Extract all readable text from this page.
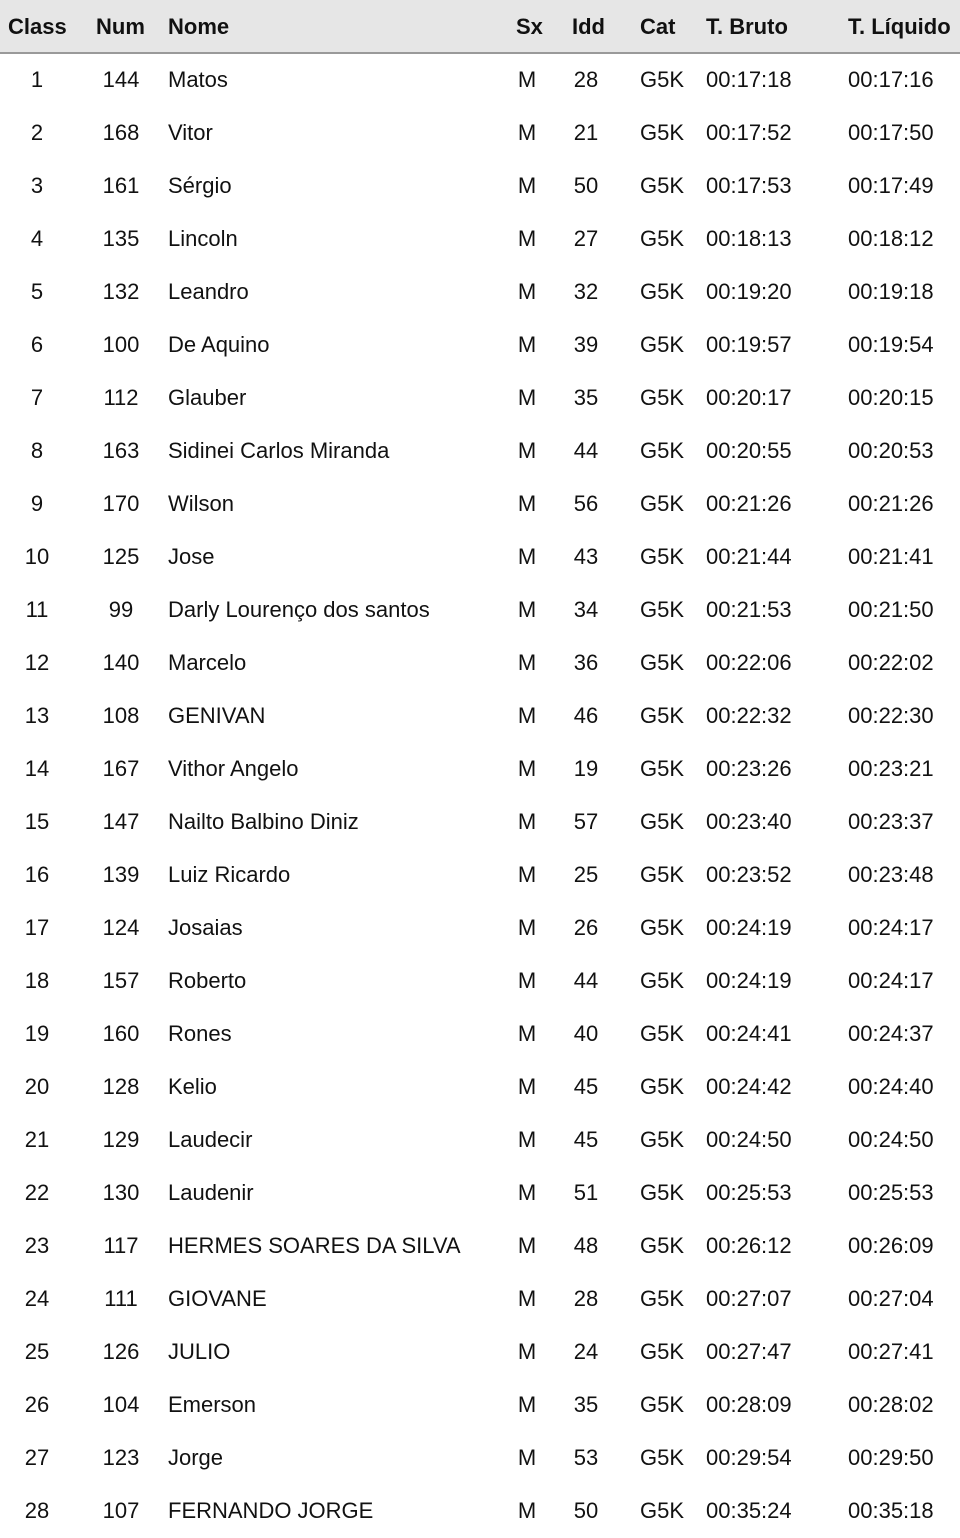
Class Num Nome	Sx Idd Cat T. Bruto	T. Líquido
1	144	Matos	M 28 G5K 00:17:18	00:17:16
2	168	Vitor	M 21 G5K 00:17:52	00:17:50
3	161	Sérgio	M 50 G5K 00:17:53	00:17:49
4	135	Lincoln	M 27 G5K 00:18:13	00:18:12
5	132	Leandro	M 32 G5K 00:19:20	00:19:18
6	100	De Aquino	M 39 G5K 00:19:57	00:19:54
7	112	Glauber	M 35 G5K 00:20:17	00:20:15
8	163	Sidinei Carlos Miranda	M 44 G5K 00:20:55	00:20:53
9	170	Wilson	M 56 G5K 00:21:26	00:21:26
10	125	Jose	M 43 G5K 00:21:44	00:21:41
11	99	Darly Lourenço dos santos	M 34 G5K 00:21:53	00:21:50
12	140	Marcelo	M 36 G5K 00:22:06	00:22:02
13	108	GENIVAN	M 46 G5K 00:22:32	00:22:30
14	167	Vithor Angelo	M 19 G5K 00:23:26	00:23:21
15	147	Nailto Balbino Diniz	M 57 G5K 00:23:40	00:23:37
16	139	Luiz Ricardo	M 25 G5K 00:23:52	00:23:48
17	124	Josaias	M 26 G5K 00:24:19	00:24:17
18	157	Roberto	M 44 G5K 00:24:19	00:24:17
19	160	Rones	M 40 G5K 00:24:41	00:24:37
20	128	Kelio	M 45 G5K 00:24:42	00:24:40
21	129	Laudecir	M 45 G5K 00:24:50	00:24:50
22	130	Laudenir	M 51 G5K 00:25:53	00:25:53
23	117	HERMES SOARES DA SILVA	M 48 G5K 00:26:12	00:26:09
24	111	GIOVANE	M 28 G5K 00:27:07	00:27:04
25	126	JULIO	M 24 G5K 00:27:47	00:27:41
26	104	Emerson	M 35 G5K 00:28:09	00:28:02
27	123	Jorge	M 53 G5K 00:29:54	00:29:50
28	107	FERNANDO JORGE	M 50 G5K 00:35:24	00:35:18
